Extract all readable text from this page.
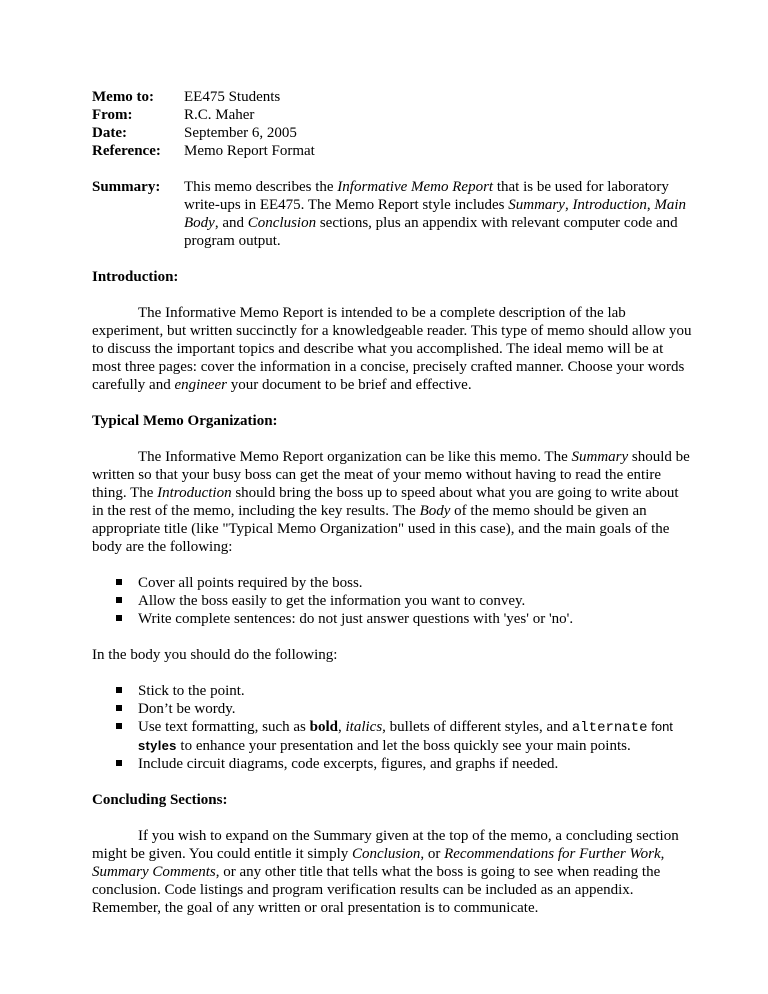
Memo to:	EE475 Students
From:	R.C. Maher
Date:	September 6, 2005
Reference:	Memo Report Format
Summary:	This memo describes the Informative Memo Report that is be used for laboratory write-ups in EE475. The Memo Report style includes Summary, Introduction, Main Body, and Conclusion sections, plus an appendix with relevant computer code and program output.
Introduction:

The Informative Memo Report is intended to be a complete description of the lab experiment, but written succinctly for a knowledgeable reader. This type of memo should allow you to discuss the important topics and describe what you accomplished. The ideal memo will be at most three pages: cover the information in a concise, precisely crafted manner. Choose your words carefully and engineer your document to be brief and effective.

Typical Memo Organization:

The Informative Memo Report organization can be like this memo. The Summary should be written so that your busy boss can get the meat of your memo without having to read the entire thing. The Introduction should bring the boss up to speed about what you are going to write about in the rest of the memo, including the key results. The Body of the memo should be given an appropriate title (like "Typical Memo Organization" used in this case), and the main goals of the body are the following:

Cover all points required by the boss.
Allow the boss easily to get the information you want to convey.
Write complete sentences: do not just answer questions with 'yes' or 'no'.

In the body you should do the following:

Stick to the point.
Don’t be wordy.
Use text formatting, such as bold, italics, bullets of different styles, and alternate font styles to enhance your presentation and let the boss quickly see your main points.
Include circuit diagrams, code excerpts, figures, and graphs if needed.
Concluding Sections:

If you wish to expand on the Summary given at the top of the memo, a concluding section might be given. You could entitle it simply Conclusion, or Recommendations for Further Work, Summary Comments, or any other title that tells what the boss is going to see when reading the conclusion. Code listings and program verification results can be included as an appendix. Remember, the goal of any written or oral presentation is to communicate.
